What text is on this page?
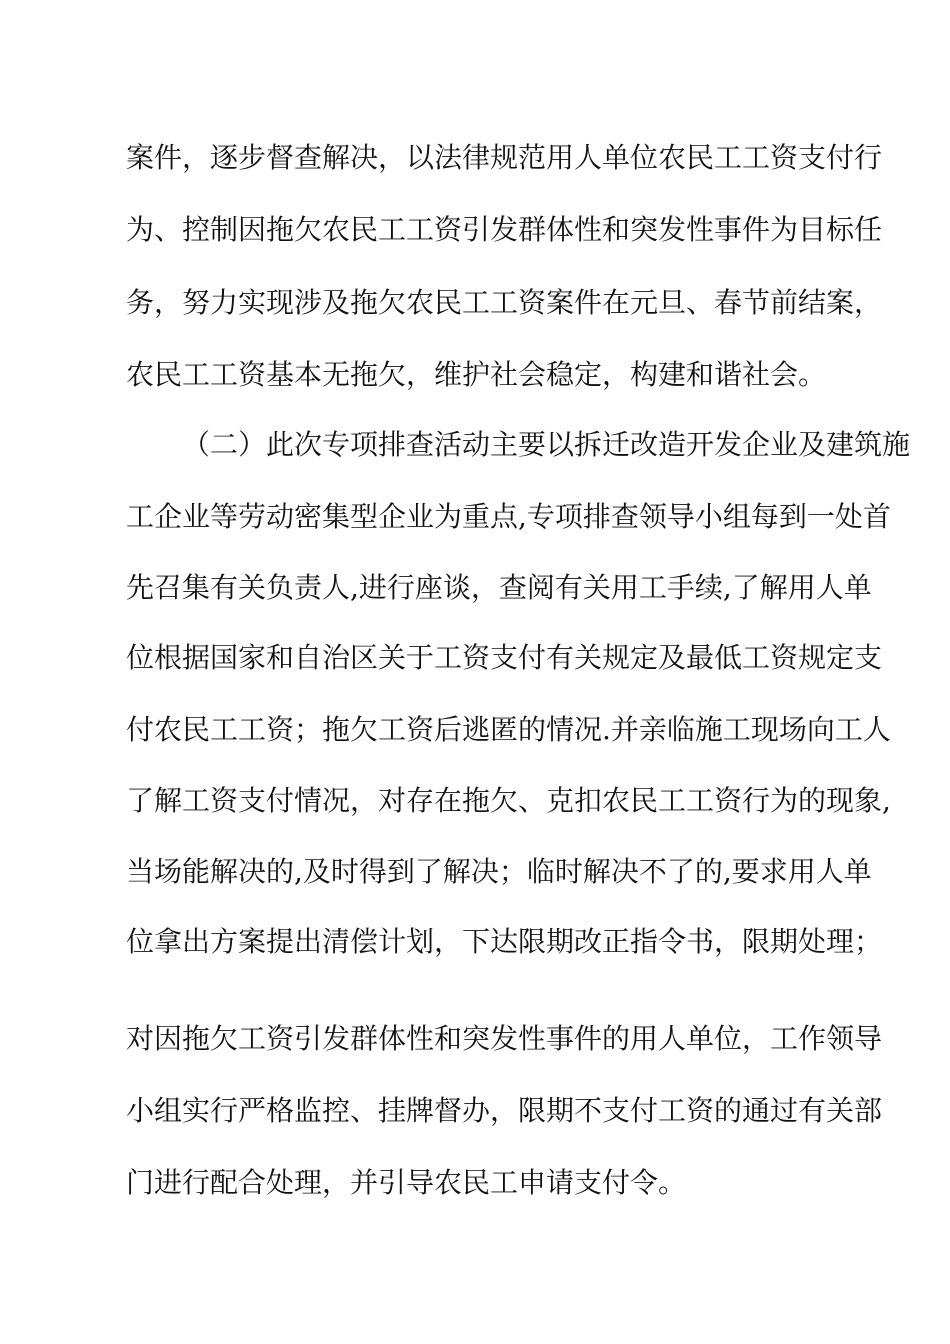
案件，逐步督查解决，以法律规范用人单位农民工工资支付行
为、控制因拖欠农民工工资引发群体性和突发性事件为目标任
务，努力实现涉及拖欠农民工工资案件在元旦、春节前结案，
农民工工资基本无拖欠，维护社会稳定，构建和谐社会。
（二）此次专项排查活动主要以拆迁改造开发企业及建筑施
工企业等劳动密集型企业为重点,专项排查领导小组每到一处首
先召集有关负责人,进行座谈，查阅有关用工手续,了解用人单
位根据国家和自治区关于工资支付有关规定及最低工资规定支
付农民工工资；拖欠工资后逃匿的情况.并亲临施工现场向工人
了解工资支付情况，对存在拖欠、克扣农民工工资行为的现象,
当场能解决的,及时得到了解决；临时解决不了的,要求用人单
位拿出方案提出清偿计划，下达限期改正指令书，限期处理；
对因拖欠工资引发群体性和突发性事件的用人单位，工作领导
小组实行严格监控、挂牌督办，限期不支付工资的通过有关部
门进行配合处理，并引导农民工申请支付令。
